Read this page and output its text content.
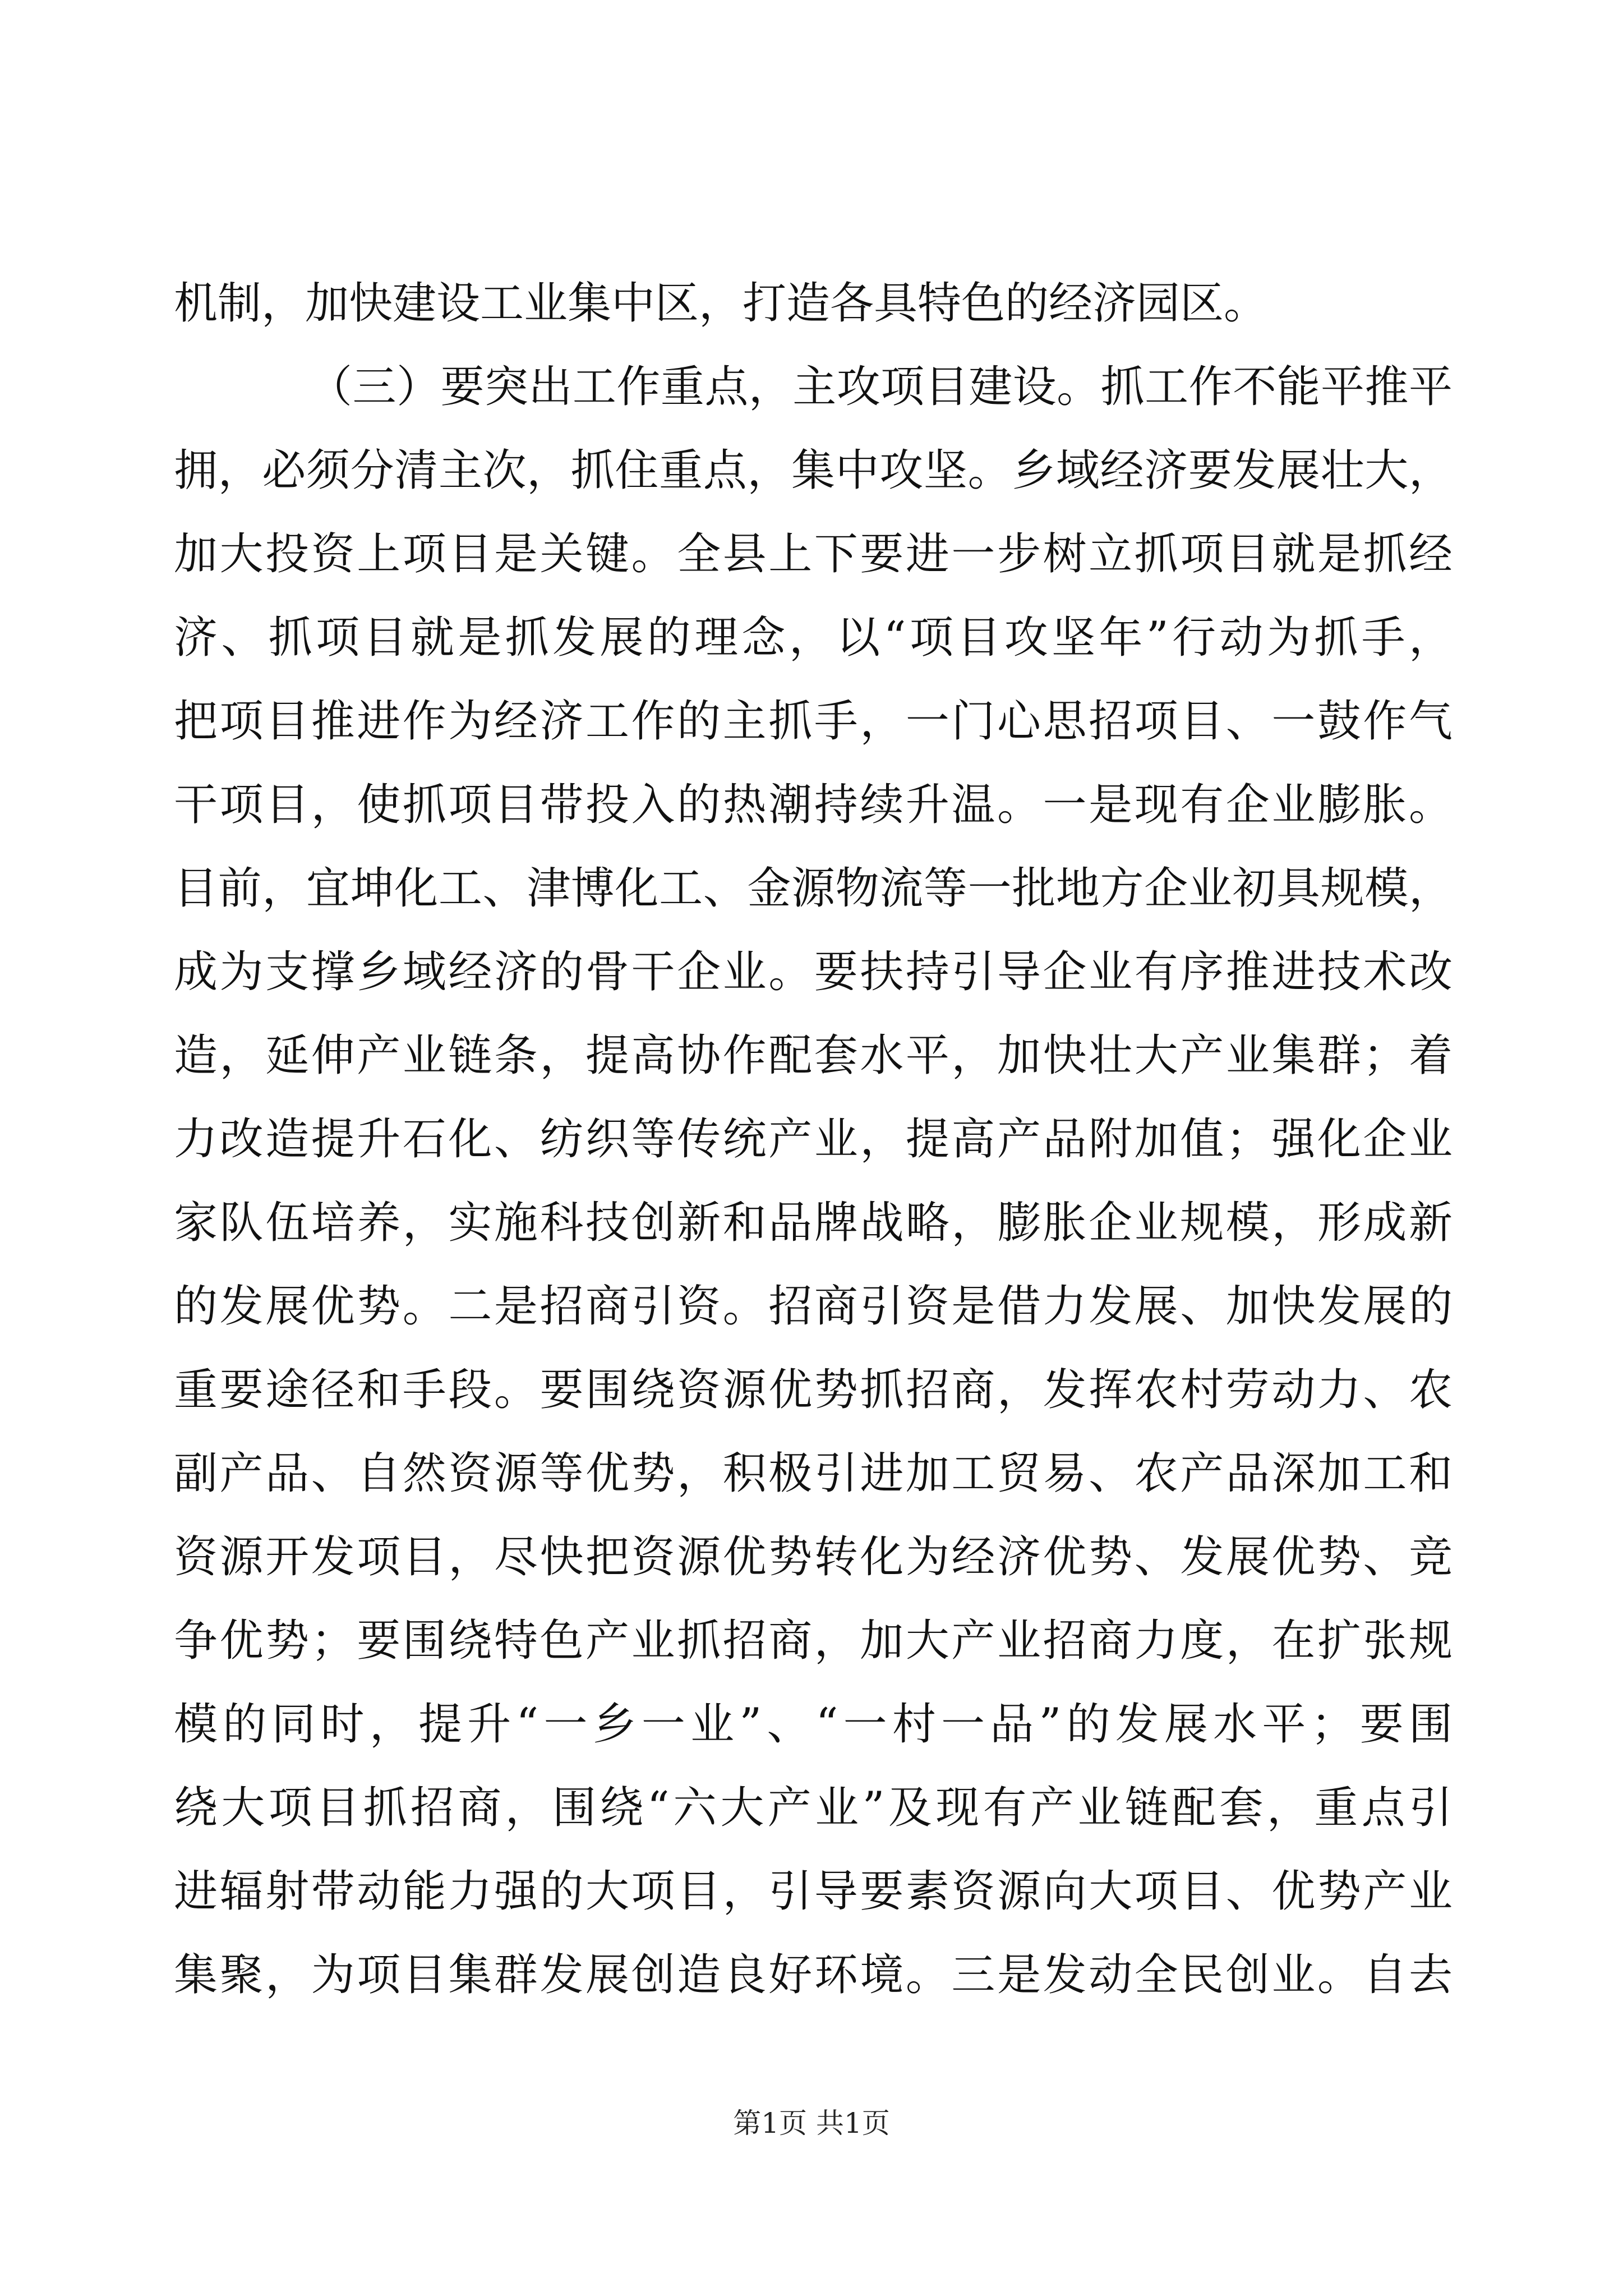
机制，加快建设工业集中区，打造各具特色的经济园区。
（三）要突出工作重点，主攻项目建设。抓工作不能平推平
拥，必须分清主次，抓住重点，集中攻坚。乡域经济要发展壮大，
加大投资上项目是关键。全县上下要进一步树立抓项目就是抓经
济、抓项目就是抓发展的理念，以“项目攻坚年”行动为抓手，
把项目推进作为经济工作的主抓手，一门心思招项目、一鼓作气
干项目，使抓项目带投入的热潮持续升温。一是现有企业膨胀。
目前，宜坤化工、津博化工、金源物流等一批地方企业初具规模，
成为支撑乡域经济的骨干企业。要扶持引导企业有序推进技术改
造，延伸产业链条，提高协作配套水平，加快壮大产业集群；着
力改造提升石化、纺织等传统产业，提高产品附加值；强化企业
家队伍培养，实施科技创新和品牌战略，膨胀企业规模，形成新
的发展优势。二是招商引资。招商引资是借力发展、加快发展的
重要途径和手段。要围绕资源优势抓招商，发挥农村劳动力、农
副产品、自然资源等优势，积极引进加工贸易、农产品深加工和
资源开发项目，尽快把资源优势转化为经济优势、发展优势、竞
争优势；要围绕特色产业抓招商，加大产业招商力度，在扩张规
模的同时，提升“一乡一业”、“一村一品”的发展水平；要围
绕大项目抓招商，围绕“六大产业”及现有产业链配套，重点引
进辐射带动能力强的大项目，引导要素资源向大项目、优势产业
集聚，为项目集群发展创造良好环境。三是发动全民创业。自去
第1页 共1页
